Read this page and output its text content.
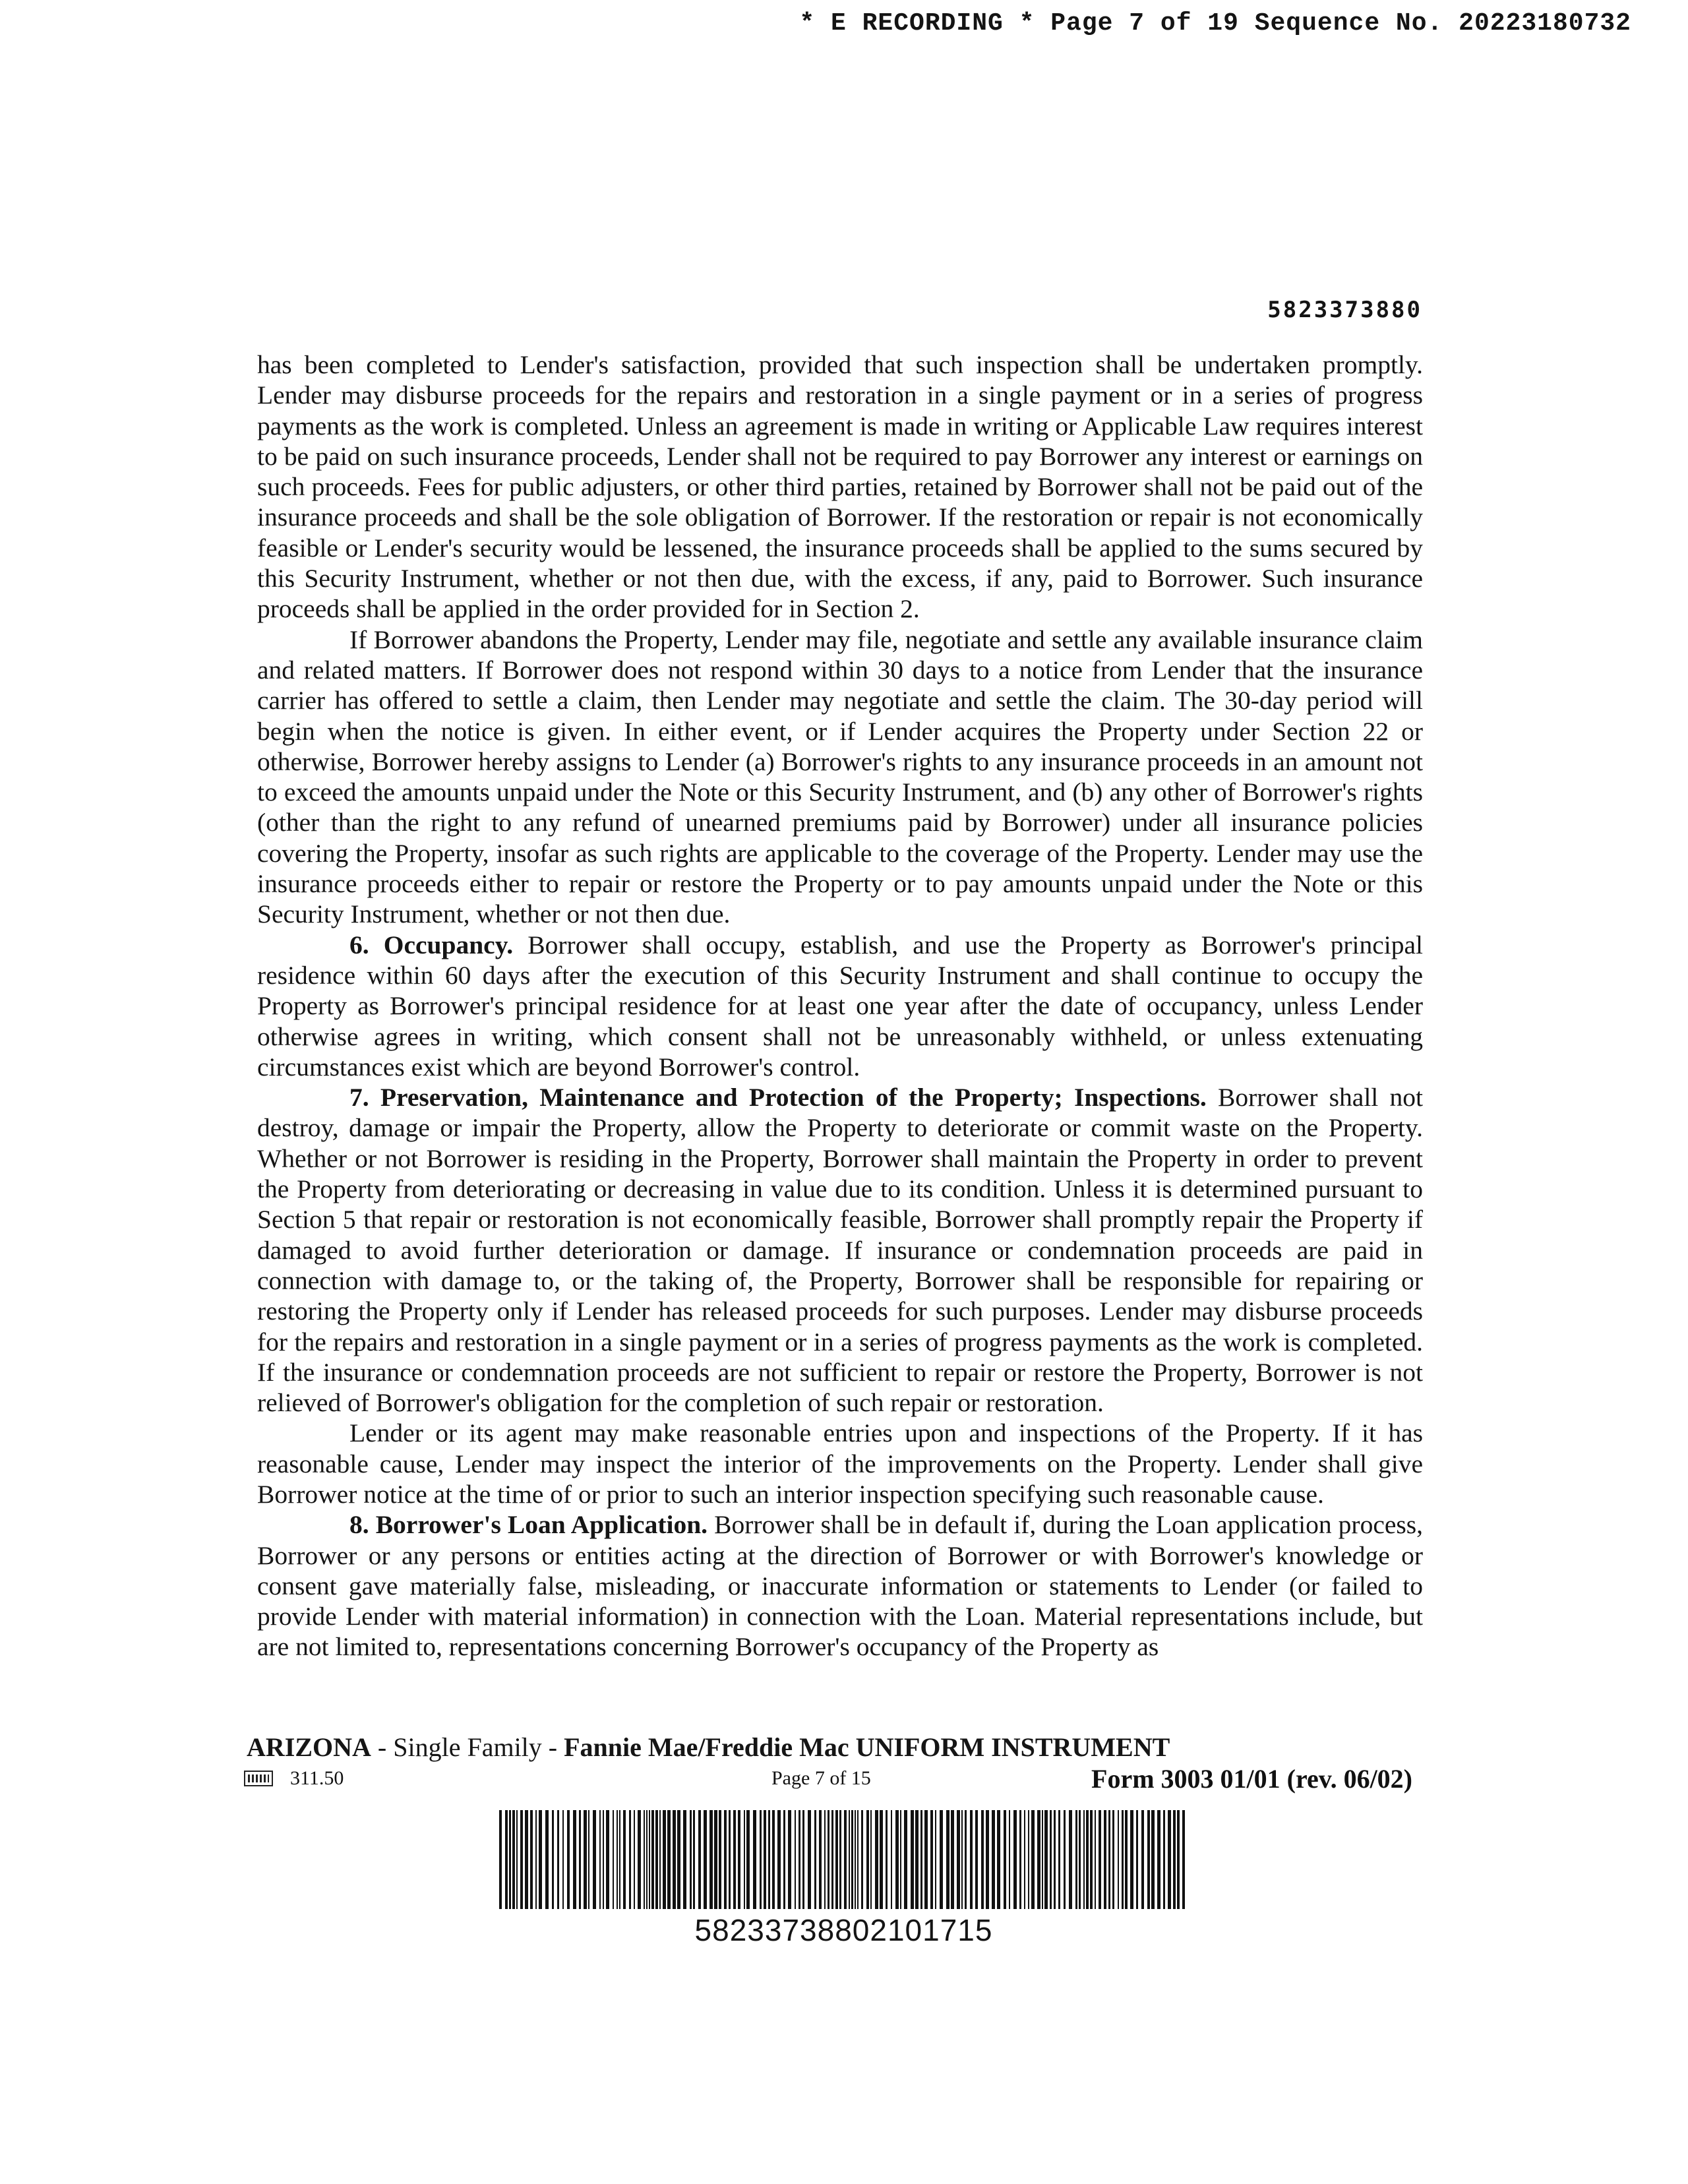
* E RECORDING * Page 7 of 19 Sequence No. 20223180732
5823373880

has been completed to Lender's satisfaction, provided that such inspection shall be undertaken promptly. Lender may disburse proceeds for the repairs and restoration in a single payment or in a series of progress payments as the work is completed. Unless an agreement is made in writing or Applicable Law requires interest to be paid on such insurance proceeds, Lender shall not be required to pay Borrower any interest or earnings on such proceeds. Fees for public adjusters, or other third parties, retained by Borrower shall not be paid out of the insurance proceeds and shall be the sole obligation of Borrower. If the restoration or repair is not economically feasible or Lender's security would be lessened, the insurance proceeds shall be applied to the sums secured by this Security Instrument, whether or not then due, with the excess, if any, paid to Borrower. Such insurance proceeds shall be applied in the order provided for in Section 2.

If Borrower abandons the Property, Lender may file, negotiate and settle any available insurance claim and related matters. If Borrower does not respond within 30 days to a notice from Lender that the insurance carrier has offered to settle a claim, then Lender may negotiate and settle the claim. The 30-day period will begin when the notice is given. In either event, or if Lender acquires the Property under Section 22 or otherwise, Borrower hereby assigns to Lender (a) Borrower's rights to any insurance proceeds in an amount not to exceed the amounts unpaid under the Note or this Security Instrument, and (b) any other of Borrower's rights (other than the right to any refund of unearned premiums paid by Borrower) under all insurance policies covering the Property, insofar as such rights are applicable to the coverage of the Property. Lender may use the insurance proceeds either to repair or restore the Property or to pay amounts unpaid under the Note or this Security Instrument, whether or not then due.

6. Occupancy. Borrower shall occupy, establish, and use the Property as Borrower's principal residence within 60 days after the execution of this Security Instrument and shall continue to occupy the Property as Borrower's principal residence for at least one year after the date of occupancy, unless Lender otherwise agrees in writing, which consent shall not be unreasonably withheld, or unless extenuating circumstances exist which are beyond Borrower's control.

7. Preservation, Maintenance and Protection of the Property; Inspections. Borrower shall not destroy, damage or impair the Property, allow the Property to deteriorate or commit waste on the Property. Whether or not Borrower is residing in the Property, Borrower shall maintain the Property in order to prevent the Property from deteriorating or decreasing in value due to its condition. Unless it is determined pursuant to Section 5 that repair or restoration is not economically feasible, Borrower shall promptly repair the Property if damaged to avoid further deterioration or damage. If insurance or condemnation proceeds are paid in connection with damage to, or the taking of, the Property, Borrower shall be responsible for repairing or restoring the Property only if Lender has released proceeds for such purposes. Lender may disburse proceeds for the repairs and restoration in a single payment or in a series of progress payments as the work is completed. If the insurance or condemnation proceeds are not sufficient to repair or restore the Property, Borrower is not relieved of Borrower's obligation for the completion of such repair or restoration.

Lender or its agent may make reasonable entries upon and inspections of the Property. If it has reasonable cause, Lender may inspect the interior of the improvements on the Property. Lender shall give Borrower notice at the time of or prior to such an interior inspection specifying such reasonable cause.

8. Borrower's Loan Application. Borrower shall be in default if, during the Loan application process, Borrower or any persons or entities acting at the direction of Borrower or with Borrower's knowledge or consent gave materially false, misleading, or inaccurate information or statements to Lender (or failed to provide Lender with material information) in connection with the Loan. Material representations include, but are not limited to, representations concerning Borrower's occupancy of the Property as

ARIZONA - Single Family - Fannie Mae/Freddie Mac UNIFORM INSTRUMENT
311.50	Page 7 of 15	Form 3003 01/01 (rev. 06/02)
58233738802101715
